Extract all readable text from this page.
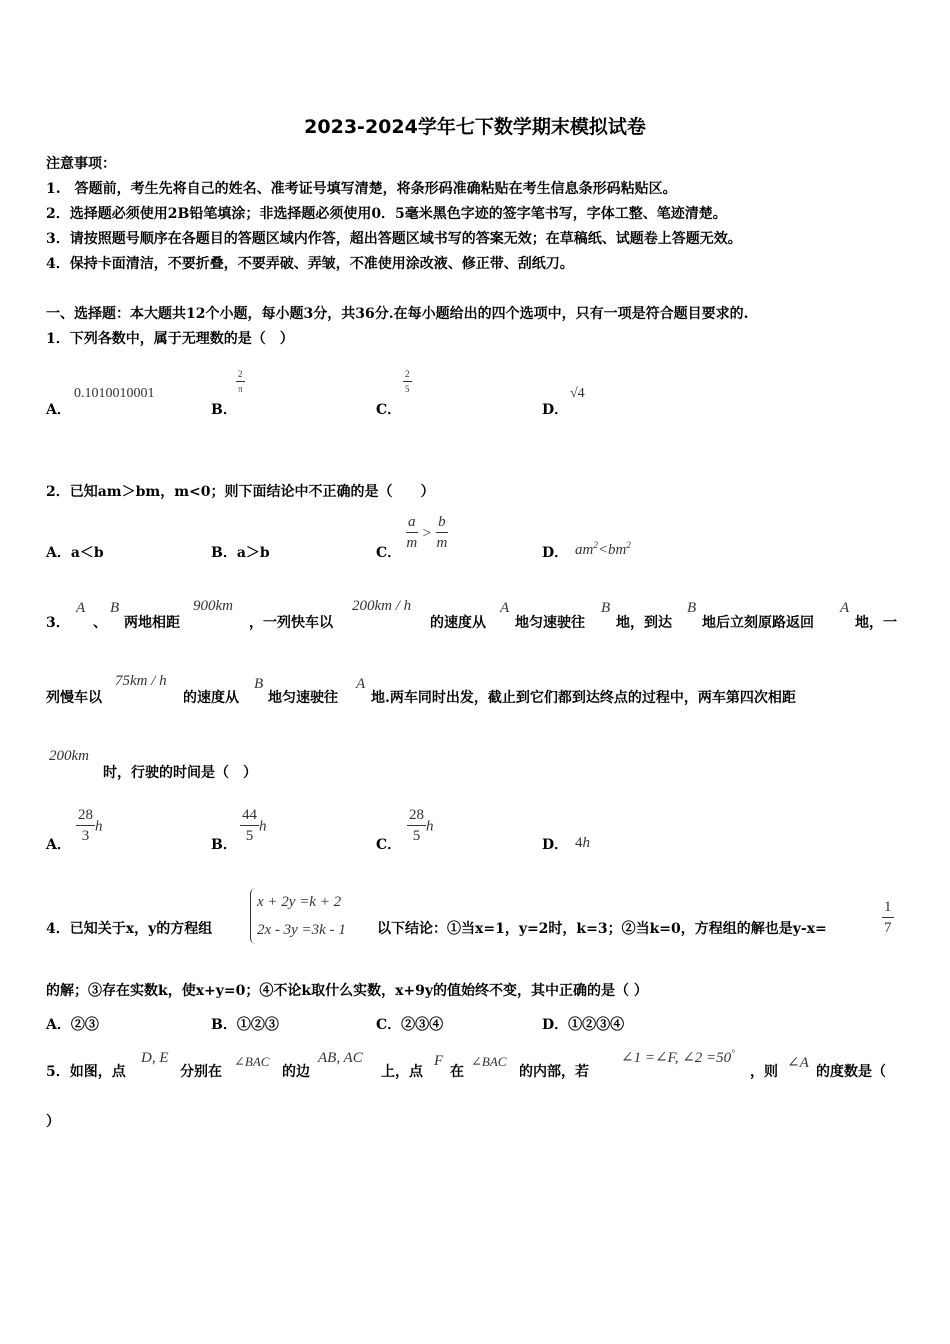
2023-2024学年七下数学期末模拟试卷
注意事项：
1.　答题前，考生先将自己的姓名、准考证号填写清楚，将条形码准确粘贴在考生信息条形码粘贴区。
2．选择题必须使用2B铅笔填涂；非选择题必须使用0．5毫米黑色字迹的签字笔书写，字体工整、笔迹清楚。
3．请按照题号顺序在各题目的答题区域内作答，超出答题区域书写的答案无效；在草稿纸、试题卷上答题无效。
4．保持卡面清洁，不要折叠，不要弄破、弄皱，不准使用涂改液、修正带、刮纸刀。
一、选择题：本大题共12个小题，每小题3分，共36分.在每小题给出的四个选项中，只有一项是符合题目要求的.
1．下列各数中，属于无理数的是（　）
A．
0.1010010001
B．
$\frac{2}{\pi}$
C．
$\frac{2}{5}$
D．
√4
2．已知am＞bm，m<0；则下面结论中不正确的是（　　）
A．a＜b	B．a＞b	C．
$\frac{a}{m} > \frac{b}{m}$
D． $am^2<bm^2$
3．
A
、
B
两地相距
900km
，一列快车以
200km / h
的速度从
A
地匀速驶往
B
地，到达
B
地后立刻原路返回
A
地，一
列慢车以
75km / h
的速度从
B
地匀速驶往
A
地.两车同时出发，截止到它们都到达终点的过程中，两车第四次相距
200km
时，行驶的时间是（　）
A．
$\frac{28}{3}$ h
B．
$\frac{44}{5}$ h
C．
$\frac{28}{5}$ h
D． 4h
4．已知关于x，y的方程组
x + 2y =k + 2
2x - 3y =3k - 1 以下结论：①当x=1，y=2时，k=3；②当k=0，方程组的解也是y-x=	$\frac{1}{7}$
的解；③存在实数k，使x+y=0；④不论k取什么实数，x+9y的值始终不变，其中正确的是（ ）
A．②③	B．①②③	C．②③④	D．①②③④
5．如图，点
D, E
分别在
∠BAC
的边
AB, AC
上，点
F
在
∠BAC
的内部，若
∠1 =∠F, ∠2 =50°
，则
∠A
的度数是（
）
